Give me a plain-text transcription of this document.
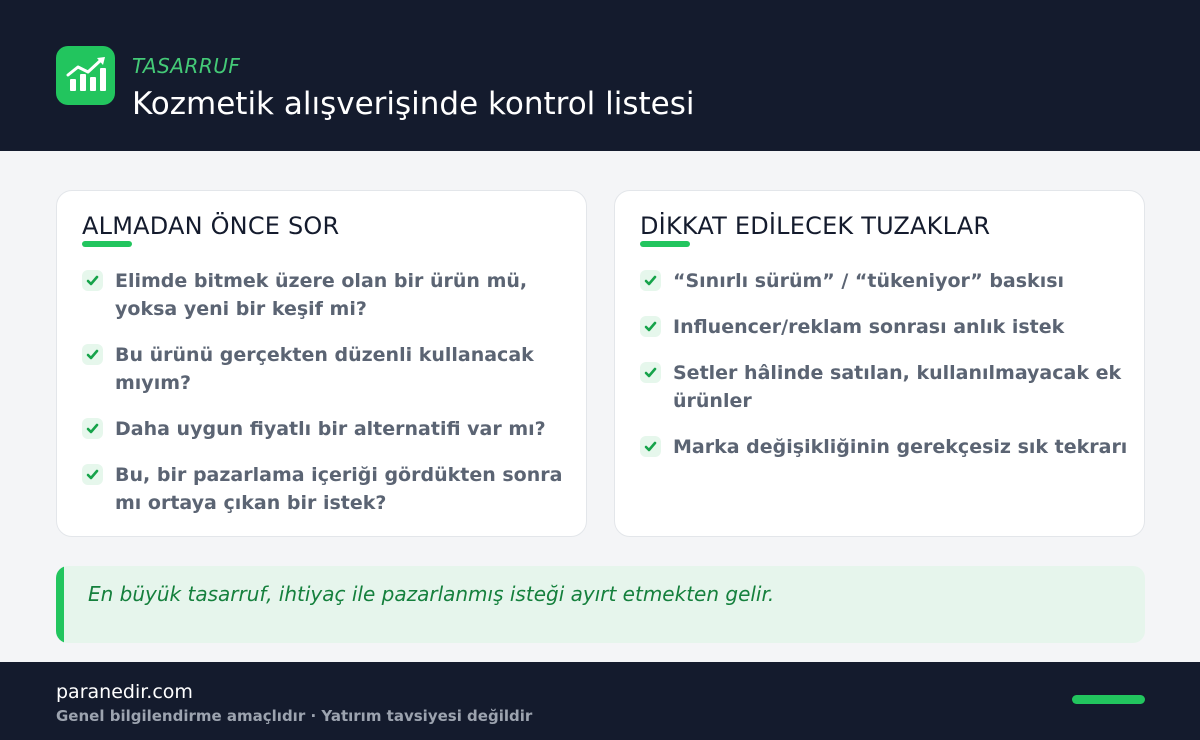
TASARRUF
Kozmetik alışverişinde kontrol listesi
ALMADAN ÖNCE SOR
Elimde bitmek üzere olan bir ürün mü, yoksa yeni bir keşif mi?
Bu ürünü gerçekten düzenli kullanacak mıyım?
Daha uygun fiyatlı bir alternatifi var mı?
Bu, bir pazarlama içeriği gördükten sonra mı ortaya çıkan bir istek?
DİKKAT EDİLECEK TUZAKLAR
“Sınırlı sürüm” / “tükeniyor” baskısı
Influencer/reklam sonrası anlık istek
Setler hâlinde satılan, kullanılmayacak ek ürünler
Marka değişikliğinin gerekçesiz sık tekrarı

En büyük tasarruf, ihtiyaç ile pazarlanmış isteği ayırt etmekten gelir.

paranedir.com
Genel bilgilendirme amaçlıdır · Yatırım tavsiyesi değildir
